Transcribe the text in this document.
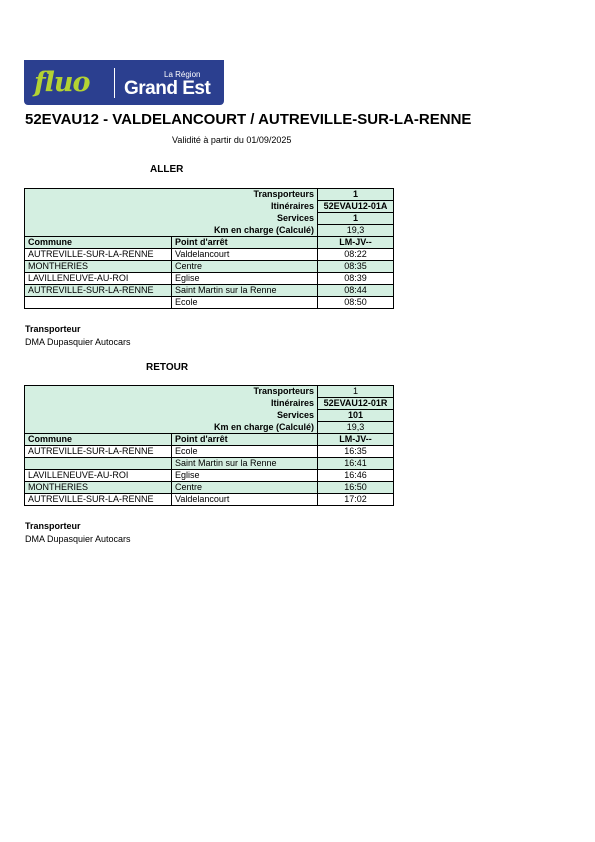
fluo	La Région
Grand Est
52EVAU12 - VALDELANCOURT / AUTREVILLE-SUR-LA-RENNE
Validité à partir du 01/09/2025
ALLER
Transporteurs		1
Itinéraires		52EVAU12-01A
Services		1
Km en charge (Calculé)		19,3
Commune	Point d'arrêt	LM-JV--
AUTREVILLE-SUR-LA-RENNE	Valdelancourt	08:22
MONTHERIES	Centre	08:35
LAVILLENEUVE-AU-ROI	Eglise	08:39
AUTREVILLE-SUR-LA-RENNE	Saint Martin sur la Renne	08:44
	Ecole	08:50
Transporteur
DMA Dupasquier Autocars
RETOUR
Transporteurs		1
Itinéraires		52EVAU12-01R
Services		101
Km en charge (Calculé)		19,3
Commune	Point d'arrêt	LM-JV--
AUTREVILLE-SUR-LA-RENNE	Ecole	16:35
	Saint Martin sur la Renne	16:41
LAVILLENEUVE-AU-ROI	Eglise	16:46
MONTHERIES	Centre	16:50
AUTREVILLE-SUR-LA-RENNE	Valdelancourt	17:02
Transporteur
DMA Dupasquier Autocars
